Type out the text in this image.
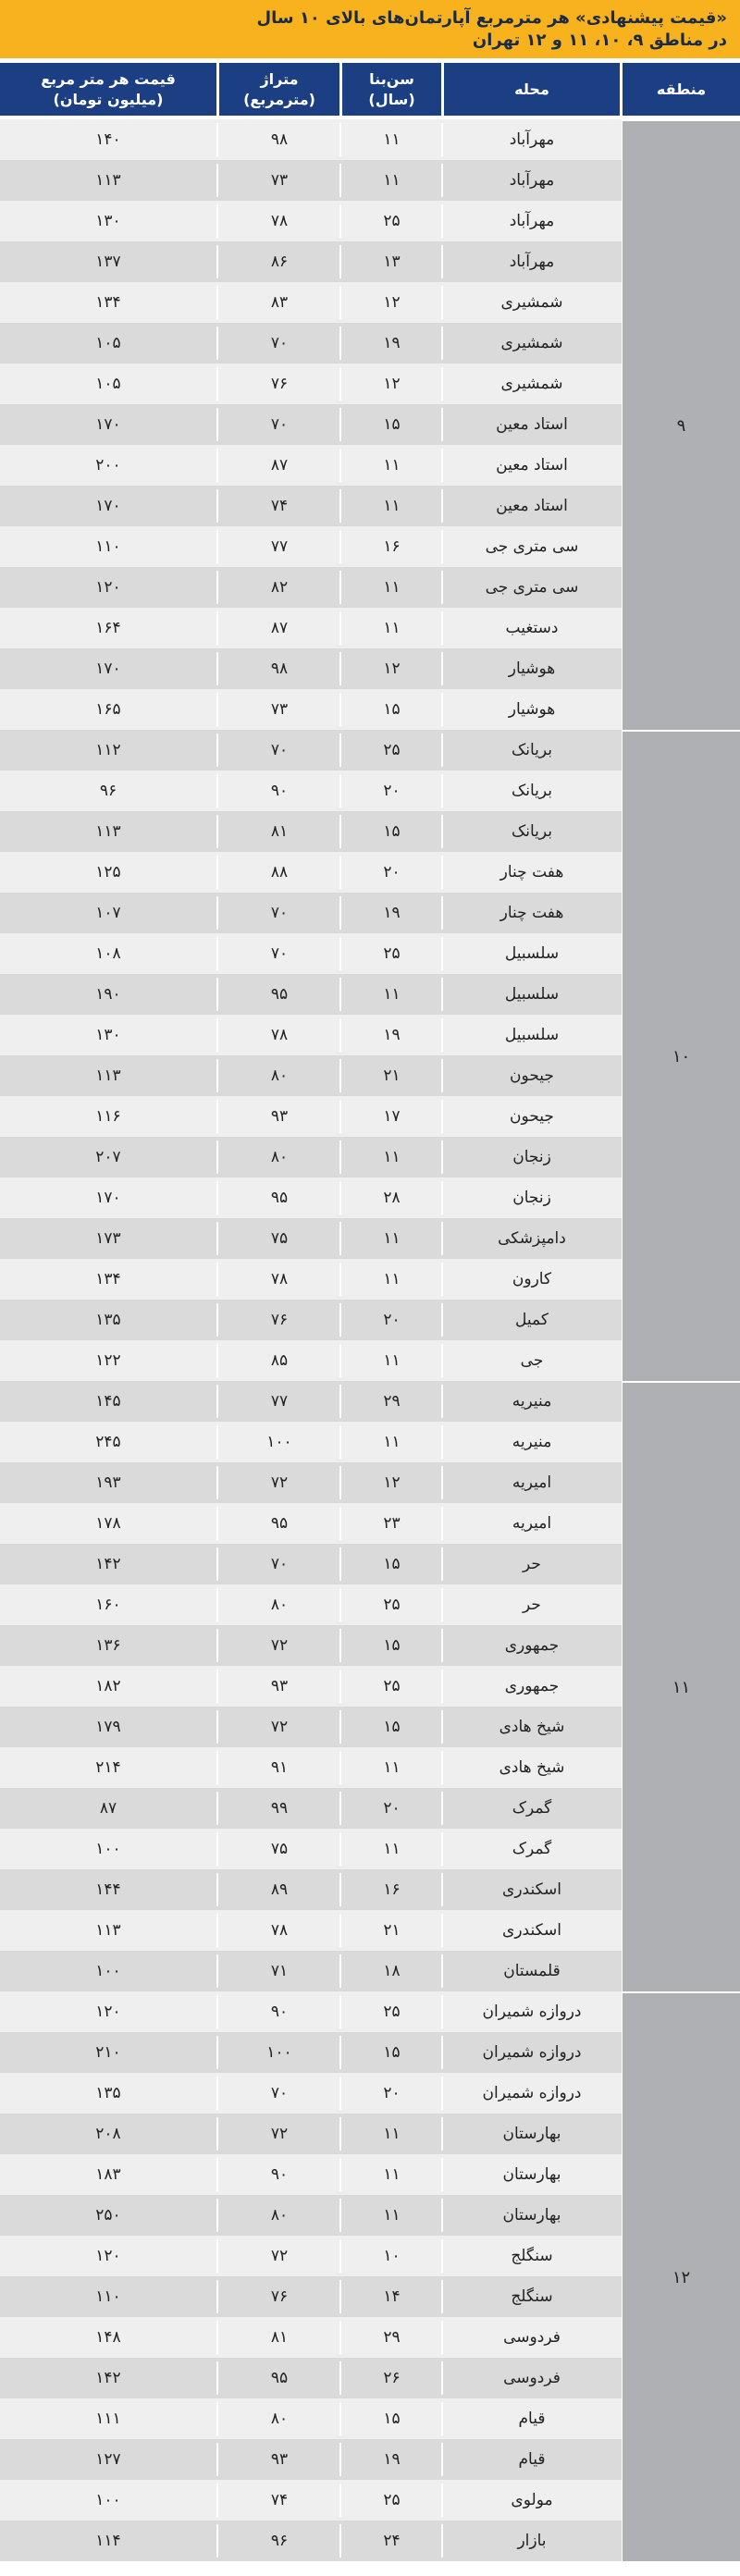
«قیمت پیشنهادی» هر مترمربع آپارتمان‌های بالای ۱۰ سال
در مناطق ۹، ۱۰، ۱۱ و ۱۲ تهران
منطقه
محله
سن‌بنا (سال)
متراژ (مترمربع)
قیمت هر متر مربع (میلیون تومان)
مهرآباد
۱۱
۹۸
۱۴۰
مهرآباد
۱۱
۷۳
۱۱۳
مهرآباد
۲۵
۷۸
۱۳۰
مهرآباد
۱۳
۸۶
۱۳۷
شمشیری
۱۲
۸۳
۱۳۴
شمشیری
۱۹
۷۰
۱۰۵
شمشیری
۱۲
۷۶
۱۰۵
استاد معین
۱۵
۷۰
۱۷۰
استاد معین
۱۱
۸۷
۲۰۰
استاد معین
۱۱
۷۴
۱۷۰
سی متری جی
۱۶
۷۷
۱۱۰
سی متری جی
۱۱
۸۲
۱۲۰
دستغیب
۱۱
۸۷
۱۶۴
هوشیار
۱۲
۹۸
۱۷۰
هوشیار
۱۵
۷۳
۱۶۵
۹
بریانک
۲۵
۷۰
۱۱۲
بریانک
۲۰
۹۰
۹۶
بریانک
۱۵
۸۱
۱۱۳
هفت چنار
۲۰
۸۸
۱۲۵
هفت چنار
۱۹
۷۰
۱۰۷
سلسبیل
۲۵
۷۰
۱۰۸
سلسبیل
۱۱
۹۵
۱۹۰
سلسبیل
۱۹
۷۸
۱۳۰
جیحون
۲۱
۸۰
۱۱۳
جیحون
۱۷
۹۳
۱۱۶
زنجان
۱۱
۸۰
۲۰۷
زنجان
۲۸
۹۵
۱۷۰
دامپزشکی
۱۱
۷۵
۱۷۳
کارون
۱۱
۷۸
۱۳۴
کمیل
۲۰
۷۶
۱۳۵
جی
۱۱
۸۵
۱۲۲
۱۰
منیریه
۲۹
۷۷
۱۴۵
منیریه
۱۱
۱۰۰
۲۴۵
امیریه
۱۲
۷۲
۱۹۳
امیریه
۲۳
۹۵
۱۷۸
حر
۱۵
۷۰
۱۴۲
حر
۲۵
۸۰
۱۶۰
جمهوری
۱۵
۷۲
۱۳۶
جمهوری
۲۵
۹۳
۱۸۲
شیخ هادی
۱۵
۷۲
۱۷۹
شیخ هادی
۱۱
۹۱
۲۱۴
گمرک
۲۰
۹۹
۸۷
گمرک
۱۱
۷۵
۱۰۰
اسکندری
۱۶
۸۹
۱۴۴
اسکندری
۲۱
۷۸
۱۱۳
قلمستان
۱۸
۷۱
۱۰۰
۱۱
دروازه شمیران
۲۵
۹۰
۱۲۰
دروازه شمیران
۱۵
۱۰۰
۲۱۰
دروازه شمیران
۲۰
۷۰
۱۳۵
بهارستان
۱۱
۷۲
۲۰۸
بهارستان
۱۱
۹۰
۱۸۳
بهارستان
۱۱
۸۰
۲۵۰
سنگلج
۱۰
۷۲
۱۲۰
سنگلج
۱۴
۷۶
۱۱۰
فردوسی
۲۹
۸۱
۱۴۸
فردوسی
۲۶
۹۵
۱۴۲
قیام
۱۵
۸۰
۱۱۱
قیام
۱۹
۹۳
۱۲۷
مولوی
۲۵
۷۴
۱۰۰
بازار
۲۴
۹۶
۱۱۴
۱۲
